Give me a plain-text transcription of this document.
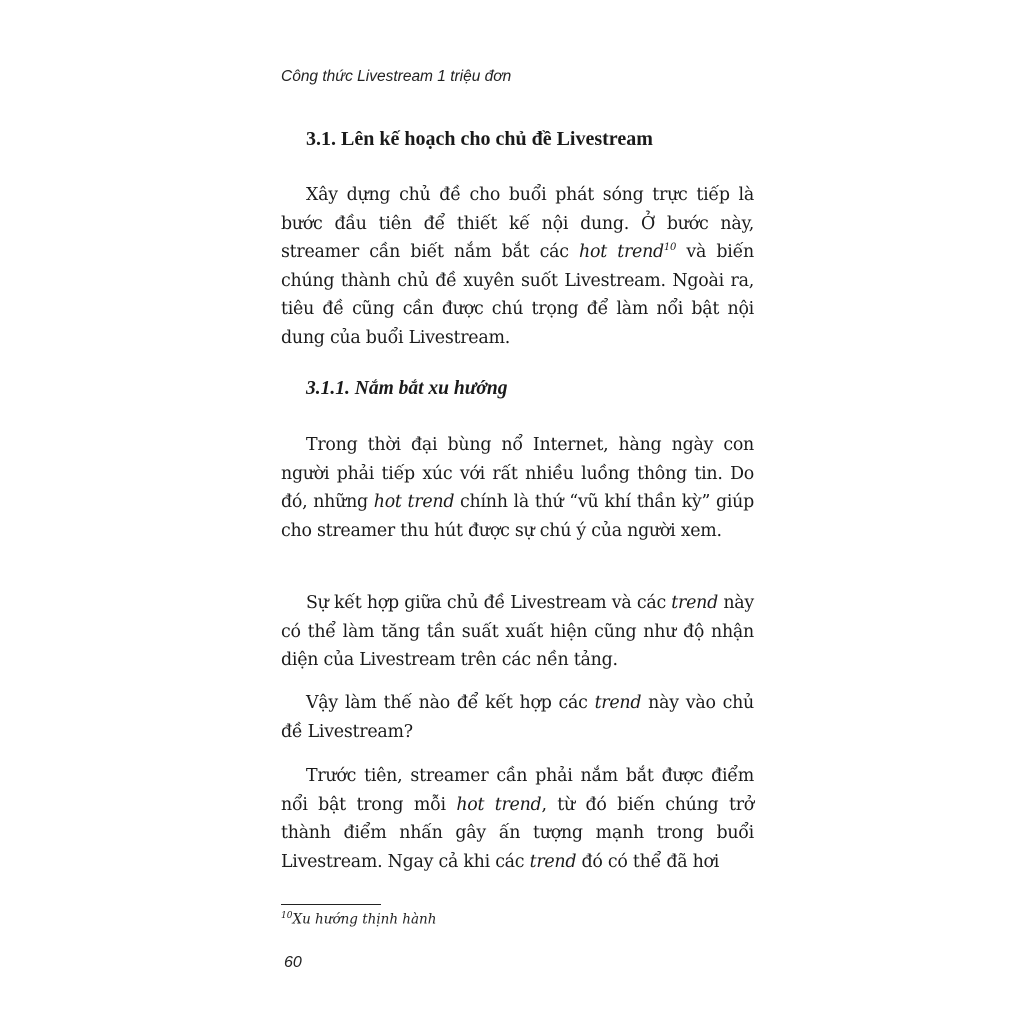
Công thức Livestream 1 triệu đơn
3.1. Lên kế hoạch cho chủ đề Livestream

Xây dựng chủ đề cho buổi phát sóng trực tiếp là bước đầu tiên để thiết kế nội dung. Ở bước này, streamer cần biết nắm bắt các hot trend$^{10}$ và biến chúng thành chủ đề xuyên suốt Livestream. Ngoài ra, tiêu đề cũng cần được chú trọng để làm nổi bật nội dung của buổi Livestream.

3.1.1. Nắm bắt xu hướng

Trong thời đại bùng nổ Internet, hàng ngày con người phải tiếp xúc với rất nhiều luồng thông tin. Do đó, những hot trend chính là thứ “vũ khí thần kỳ” giúp cho streamer thu hút được sự chú ý của người xem.

Sự kết hợp giữa chủ đề Livestream và các trend này có thể làm tăng tần suất xuất hiện cũng như độ nhận diện của Livestream trên các nền tảng.

Vậy làm thế nào để kết hợp các trend này vào chủ đề Livestream?

Trước tiên, streamer cần phải nắm bắt được điểm nổi bật trong mỗi hot trend, từ đó biến chúng trở thành điểm nhấn gây ấn tượng mạnh trong buổi Livestream. Ngay cả khi các trend đó có thể đã hơi

$^{10}$Xu hướng thịnh hành
60
